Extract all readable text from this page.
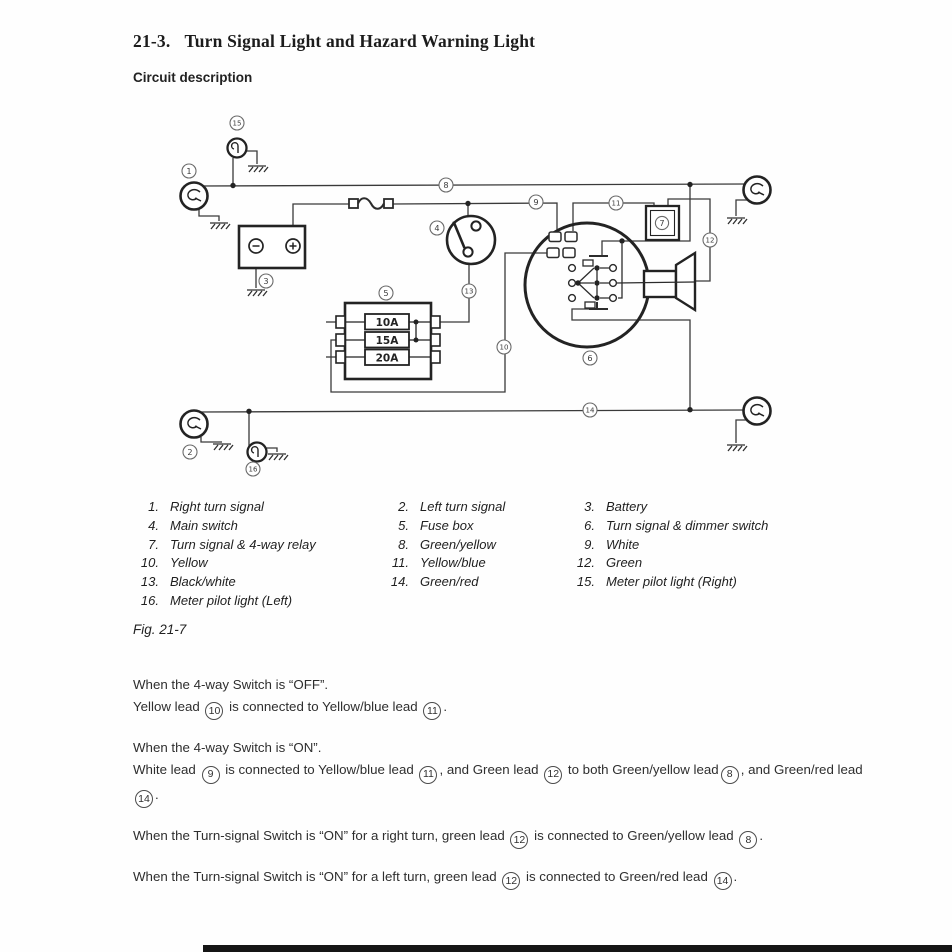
21-3. Turn Signal Light and Hazard Warning Light
Circuit description
10A
15A
20A
1
2
3
4
5
6
7
8
9
10
11
12
13
14
15
16
1. Right turn signal	2. Left turn signal	3. Battery
4. Main switch	5. Fuse box	6. Turn signal & dimmer switch
7. Turn signal & 4-way relay	8. Green/yellow	9. White
10. Yellow	11. Yellow/blue	12. Green
13. Black/white	14. Green/red	15. Meter pilot light (Right)
16. Meter pilot light (Left)
Fig. 21-7

When the 4-way Switch is “OFF”.
Yellow lead 10 is connected to Yellow/blue lead 11 .

When the 4-way Switch is “ON”.
White lead 9 is connected to Yellow/blue lead 11 , and Green lead 12 to both Green/yellow lead 8 , and Green/red lead 14 .

When the Turn-signal Switch is “ON” for a right turn, green lead 12 is connected to Green/yellow lead 8 .

When the Turn-signal Switch is “ON” for a left turn, green lead 12 is connected to Green/red lead 14 .
